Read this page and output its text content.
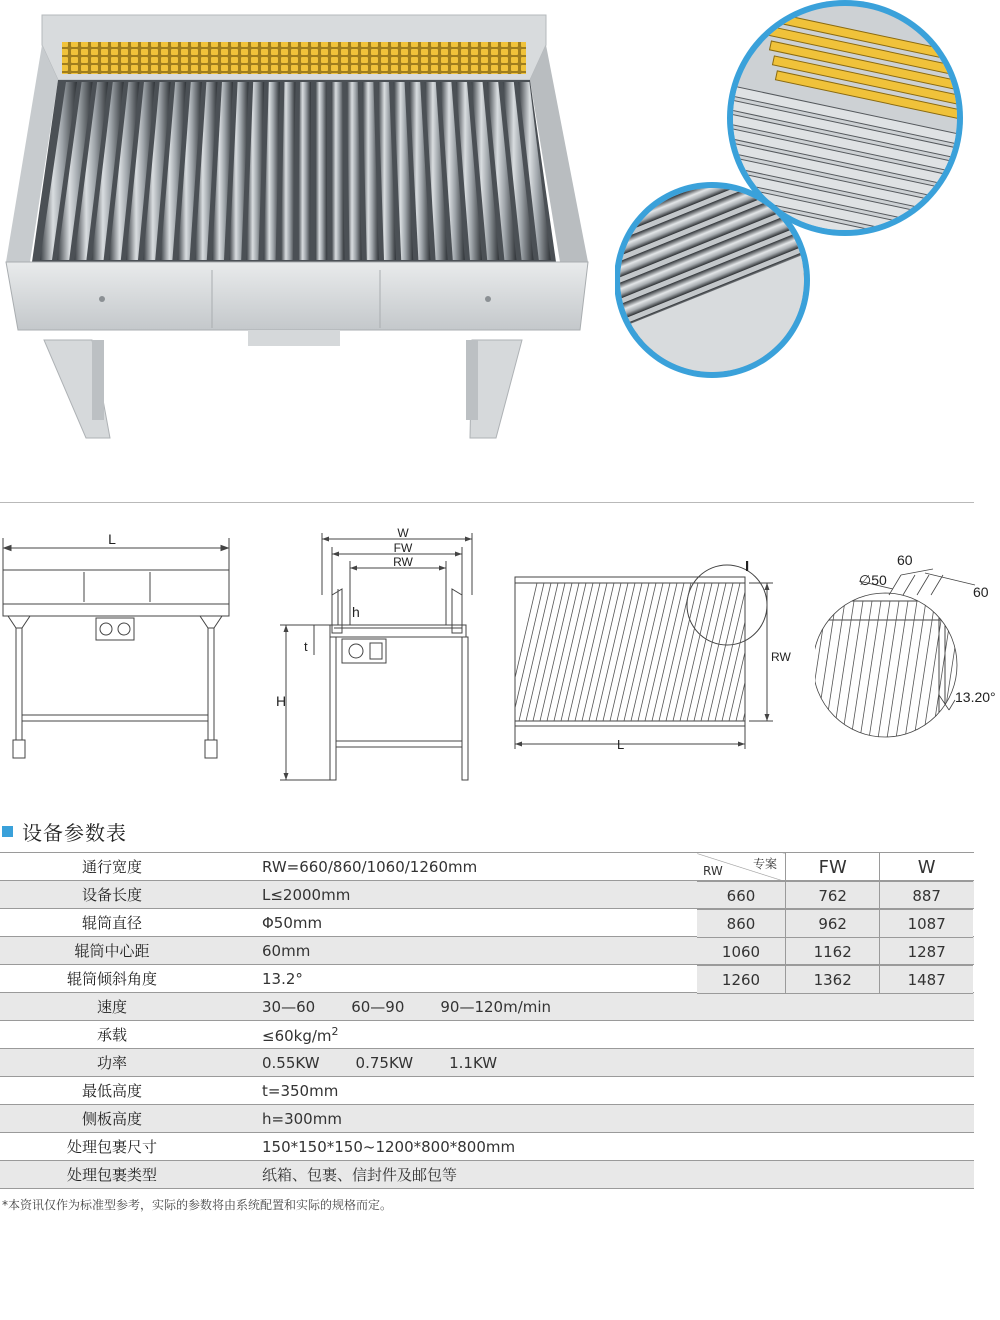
L	W
FW
RW
h
t
H
I
RW
L
60
∅50
60
13.20°
设备参数表
通行宽度	RW=660/860/1060/1260mm
设备长度	L≤2000mm
辊筒直径	Φ50mm
辊筒中心距	60mm
辊筒倾斜角度	13.2°
速度	30—60 60—90 90—120m/min
承载	$\le 60kg/m^2$
功率	0.55KW 0.75KW 1.1KW
最低高度	t=350mm
侧板高度	h=300mm
处理包裹尺寸	150*150*150~1200*800*800mm
处理包裹类型	纸箱、包裹、信封件及邮包等
专案
RW	FW	W
660	762	887
860	962	1087
1060	1162	1287
1260	1362	1487
*本资讯仅作为标准型参考，实际的参数将由系统配置和实际的规格而定。
